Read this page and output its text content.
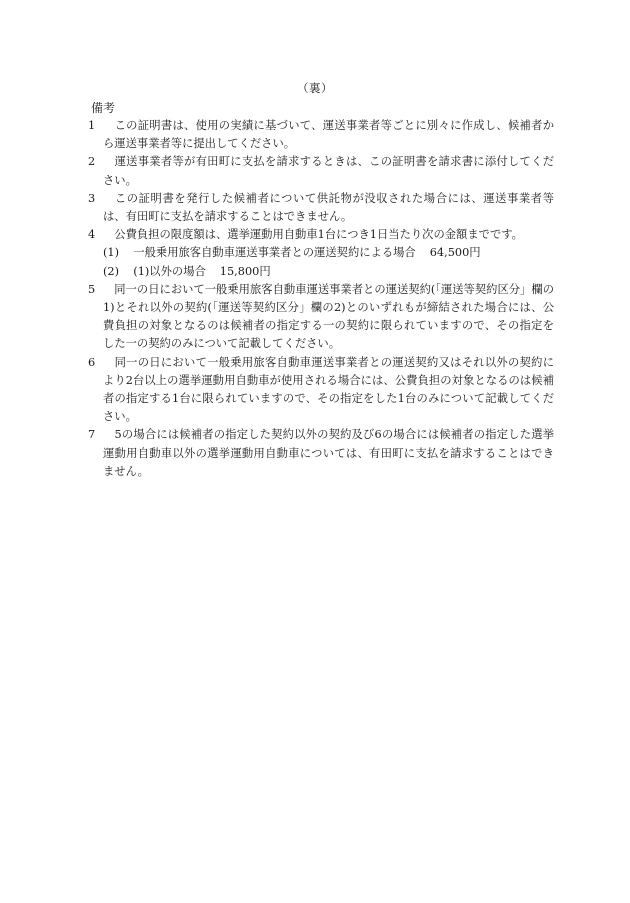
（裏）
備考
1 　この証明書は、使用の実績に基づいて、運送事業者等ごとに別々に作成し、候補者から運送事業者等に提出してください。
2 　運送事業者等が有田町に支払を請求するときは、この証明書を請求書に添付してください。
3 　この証明書を発行した候補者について供託物が没収された場合には、運送事業者等は、有田町に支払を請求することはできません。
4 　公費負担の限度額は、選挙運動用自動車1台につき1日当たり次の金額までです。
(1) 　一般乗用旅客自動車運送事業者との運送契約による場合 64,500円
(2) 　(1)以外の場合 15,800円
5 　同一の日において一般乗用旅客自動車運送事業者との運送契約(「運送等契約区分」欄の1)とそれ以外の契約(「運送等契約区分」欄の2)とのいずれもが締結された場合には、公費負担の対象となるのは候補者の指定する一の契約に限られていますので、その指定をした一の契約のみについて記載してください。
6 　同一の日において一般乗用旅客自動車運送事業者との運送契約又はそれ以外の契約により2台以上の選挙運動用自動車が使用される場合には、公費負担の対象となるのは候補者の指定する1台に限られていますので、その指定をした1台のみについて記載してください。
7 　5の場合には候補者の指定した契約以外の契約及び6の場合には候補者の指定した選挙運動用自動車以外の選挙運動用自動車については、有田町に支払を請求することはできません。
